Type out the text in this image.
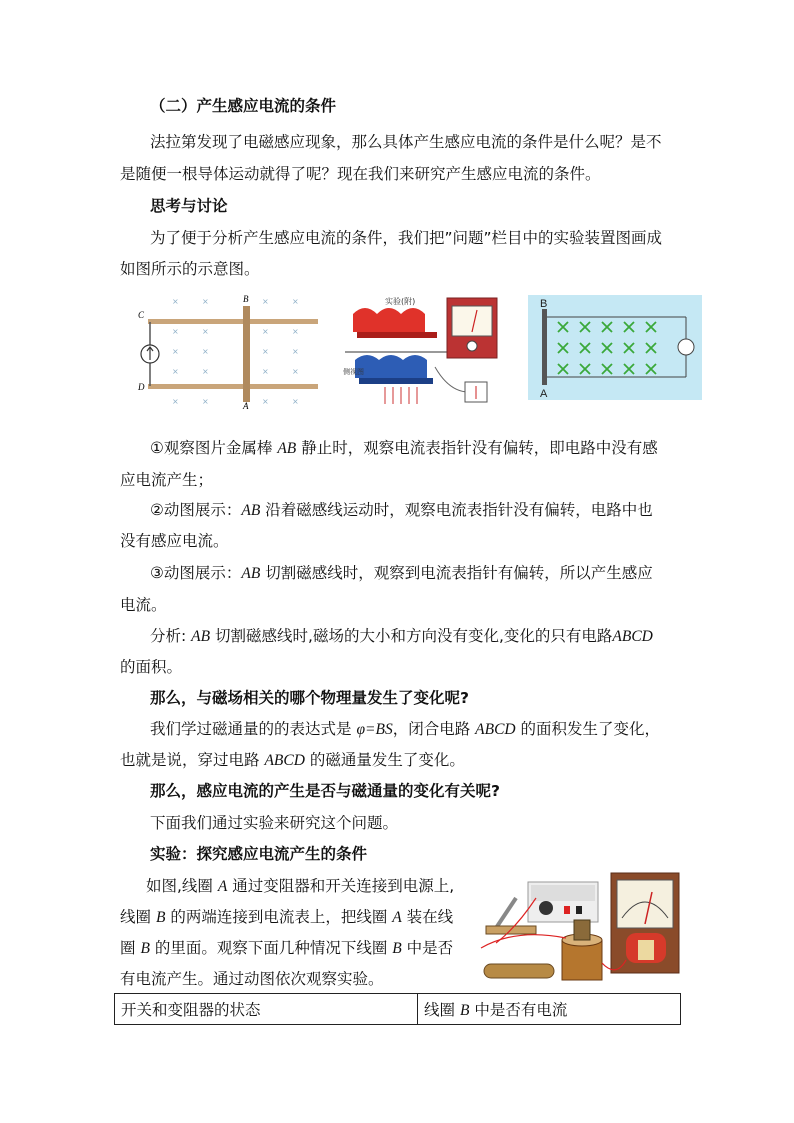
（二）产生感应电流的条件
法拉第发现了电磁感应现象，那么具体产生感应电流的条件是什么呢？是不
是随便一根导体运动就得了呢？现在我们来研究产生感应电流的条件。
思考与讨论
为了便于分析产生感应电流的条件，我们把”问题”栏目中的实验装置图画成
如图所示的示意图。
×	×	×	×
×	×	×	×
×	×	×	×
×	×	×	×
×	×	×	×
C
D
B
A
实验(附)
侧视图
B
A
①观察图片金属棒 AB 静止时，观察电流表指针没有偏转，即电路中没有感
应电流产生；
②动图展示：AB 沿着磁感线运动时，观察电流表指针没有偏转，电路中也
没有感应电流。
③动图展示：AB 切割磁感线时，观察到电流表指针有偏转，所以产生感应
电流。
分析: AB 切割磁感线时,磁场的大小和方向没有变化,变化的只有电路ABCD
的面积。
那么，与磁场相关的哪个物理量发生了变化呢?
我们学过磁通量的的表达式是 φ=BS，闭合电路 ABCD 的面积发生了变化，
也就是说，穿过电路 ABCD 的磁通量发生了变化。
那么，感应电流的产生是否与磁通量的变化有关呢?
下面我们通过实验来研究这个问题。
实验：探究感应电流产生的条件
如图,线圈 A 通过变阻器和开关连接到电源上,
线圈 B 的两端连接到电流表上，把线圈 A 装在线
圈 B 的里面。观察下面几种情况下线圈 B 中是否
有电流产生。通过动图依次观察实验。
开关和变阻器的状态	线圈 B 中是否有电流
